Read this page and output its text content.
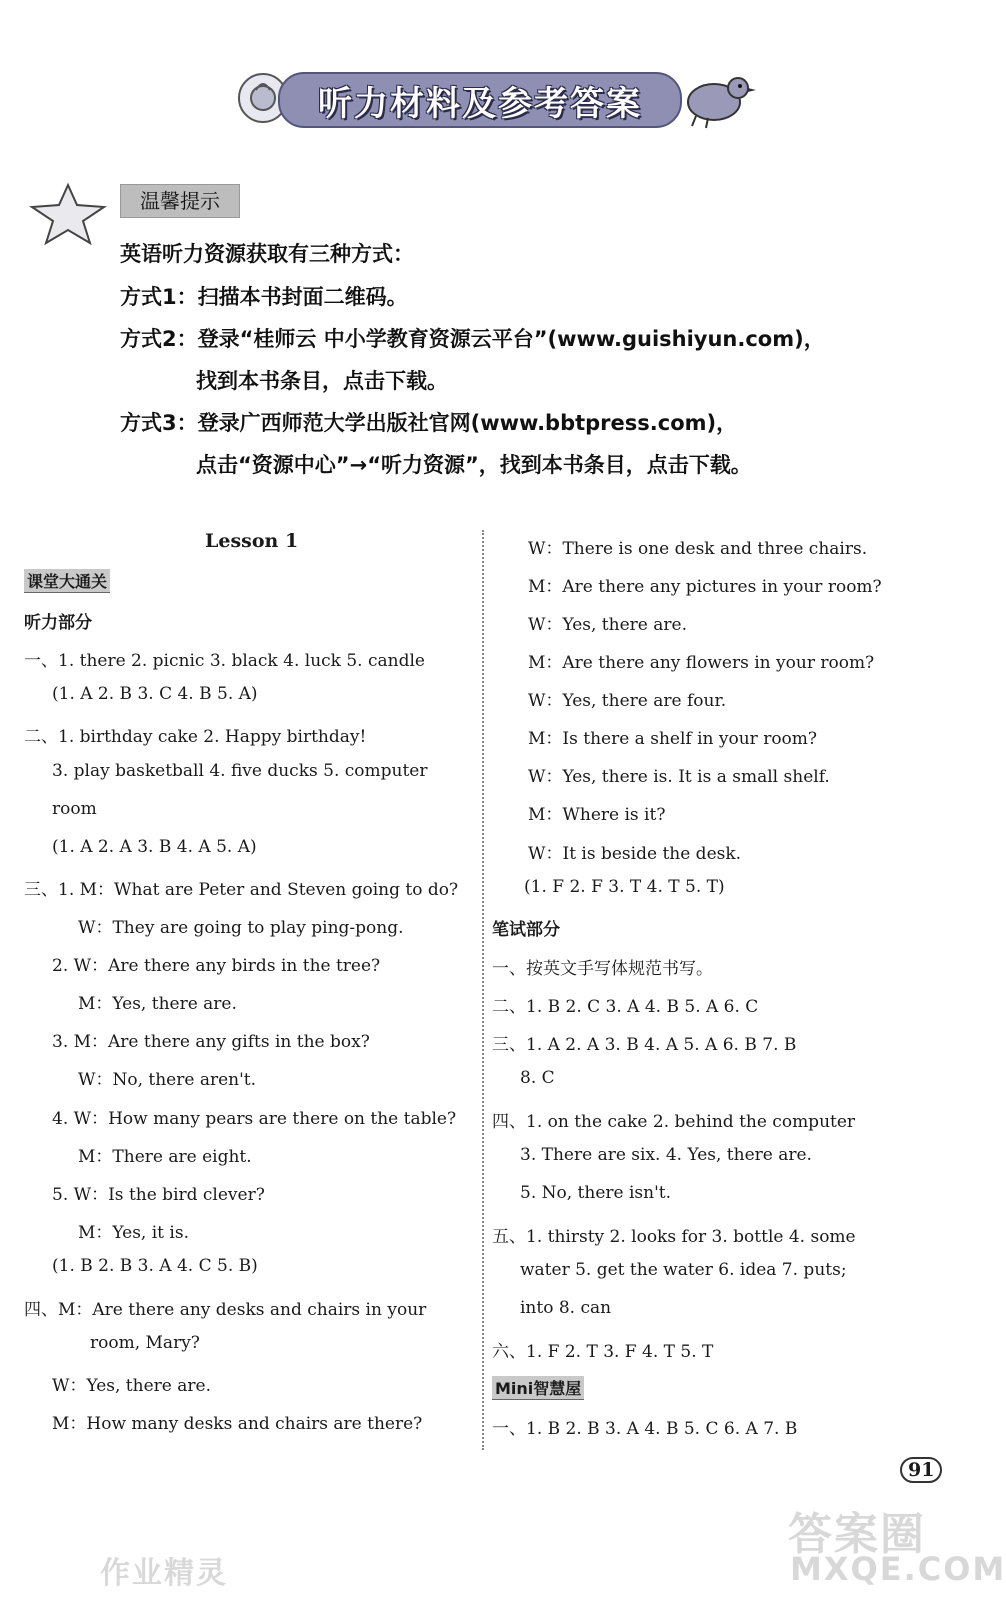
听力材料及参考答案
温馨提示
英语听力资源获取有三种方式：
方式1：扫描本书封面二维码。
方式2：登录“桂师云 中小学教育资源云平台”(www.guishiyun.com)，
找到本书条目，点击下载。
方式3：登录广西师范大学出版社官网(www.bbtpress.com)，
点击“资源中心”→“听力资源”，找到本书条目，点击下载。
Lesson 1
课堂大通关
听力部分
一、1. there 2. picnic 3. black 4. luck 5. candle
(1. A 2. B 3. C 4. B 5. A)
二、1. birthday cake 2. Happy birthday!
3. play basketball 4. five ducks 5. computer
room
(1. A 2. A 3. B 4. A 5. A)
三、1. M：What are Peter and Steven going to do?
W：They are going to play ping-pong.
2. W：Are there any birds in the tree?
M：Yes, there are.
3. M：Are there any gifts in the box?
W：No, there aren't.
4. W：How many pears are there on the table?
M：There are eight.
5. W：Is the bird clever?
M：Yes, it is.
(1. B 2. B 3. A 4. C 5. B)
四、M：Are there any desks and chairs in your
room, Mary?
W：Yes, there are.
M：How many desks and chairs are there?
W：There is one desk and three chairs.
M：Are there any pictures in your room?
W：Yes, there are.
M：Are there any flowers in your room?
W：Yes, there are four.
M：Is there a shelf in your room?
W：Yes, there is. It is a small shelf.
M：Where is it?
W：It is beside the desk.
(1. F 2. F 3. T 4. T 5. T)
笔试部分
一、按英文手写体规范书写。
二、1. B 2. C 3. A 4. B 5. A 6. C
三、1. A 2. A 3. B 4. A 5. A 6. B 7. B
8. C
四、1. on the cake 2. behind the computer
3. There are six. 4. Yes, there are.
5. No, there isn't.
五、1. thirsty 2. looks for 3. bottle 4. some
water 5. get the water 6. idea 7. puts;
into 8. can
六、1. F 2. T 3. F 4. T 5. T
Mini智慧屋
一、1. B 2. B 3. A 4. B 5. C 6. A 7. B
91
答案圈
MXQE.COM
作业精灵
